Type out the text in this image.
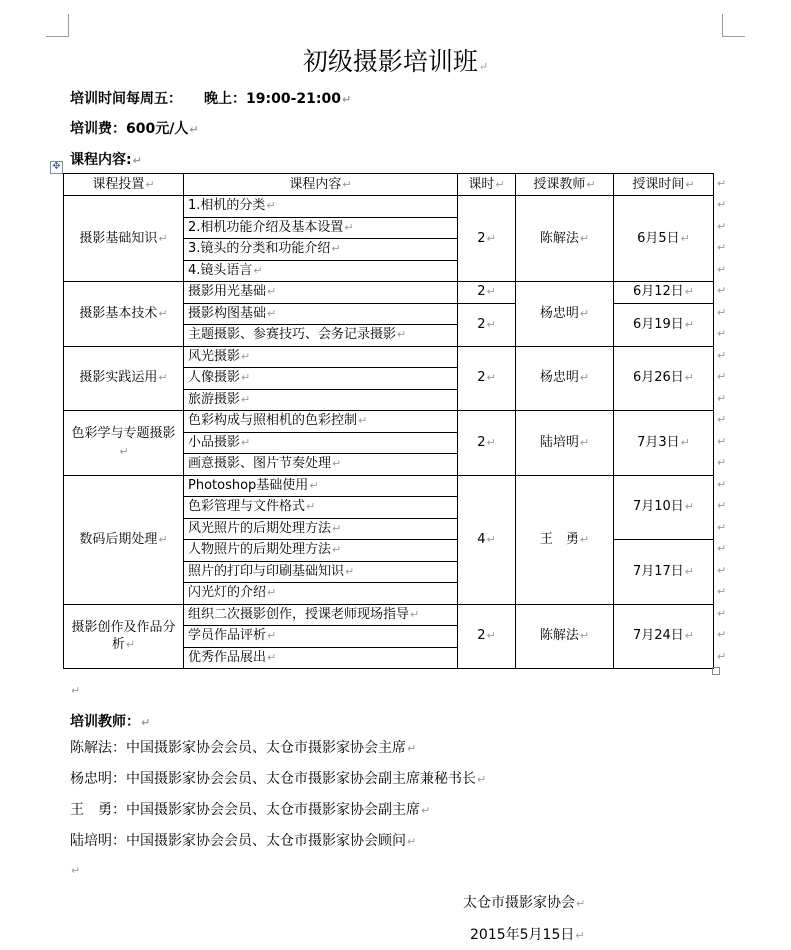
初级摄影培训班↵
培训时间每周五： 晚上：19:00-21:00↵
培训费：600元/人↵
课程内容:↵
✥
课程投置↵	课程内容↵	课时↵	授课教师↵	授课时间↵
摄影基础知识↵	1.相机的分类↵	2↵	陈解法↵	6月5日↵
	2.相机功能介绍及基本设置↵			
	3.镜头的分类和功能介绍↵			
	4.镜头语言↵			
摄影基本技术↵	摄影用光基础↵	2↵	杨忠明↵	6月12日↵
	摄影构图基础↵	2↵		6月19日↵
	主题摄影、参赛技巧、会务记录摄影↵			
摄影实践运用↵	风光摄影↵	2↵	杨忠明↵	6月26日↵
	人像摄影↵			
	旅游摄影↵			
色彩学与专题摄影↵	色彩构成与照相机的色彩控制↵	2↵	陆培明↵	7月3日↵
	小品摄影↵			
	画意摄影、图片节奏处理↵			
数码后期处理↵	Photoshop基础使用↵	4↵	王　勇↵	7月10日↵
	色彩管理与文件格式↵			
	风光照片的后期处理方法↵			
	人物照片的后期处理方法↵			7月17日↵
	照片的打印与印刷基础知识↵			
	闪光灯的介绍↵			
摄影创作及作品分析↵	组织二次摄影创作，授课老师现场指导↵	2↵	陈解法↵	7月24日↵
	学员作品评析↵			
	优秀作品展出↵			
↵
↵
↵
↵
↵
↵
↵
↵
↵
↵
↵
↵
↵
↵
↵
↵
↵
↵
↵
↵
↵
↵
↵
↵
培训教师：↵
陈解法：中国摄影家协会会员、太仓市摄影家协会主席↵
杨忠明：中国摄影家协会会员、太仓市摄影家协会副主席兼秘书长↵
王　勇：中国摄影家协会会员、太仓市摄影家协会副主席↵
陆培明：中国摄影家协会会员、太仓市摄影家协会顾问↵
↵
太仓市摄影家协会↵
2015年5月15日↵
